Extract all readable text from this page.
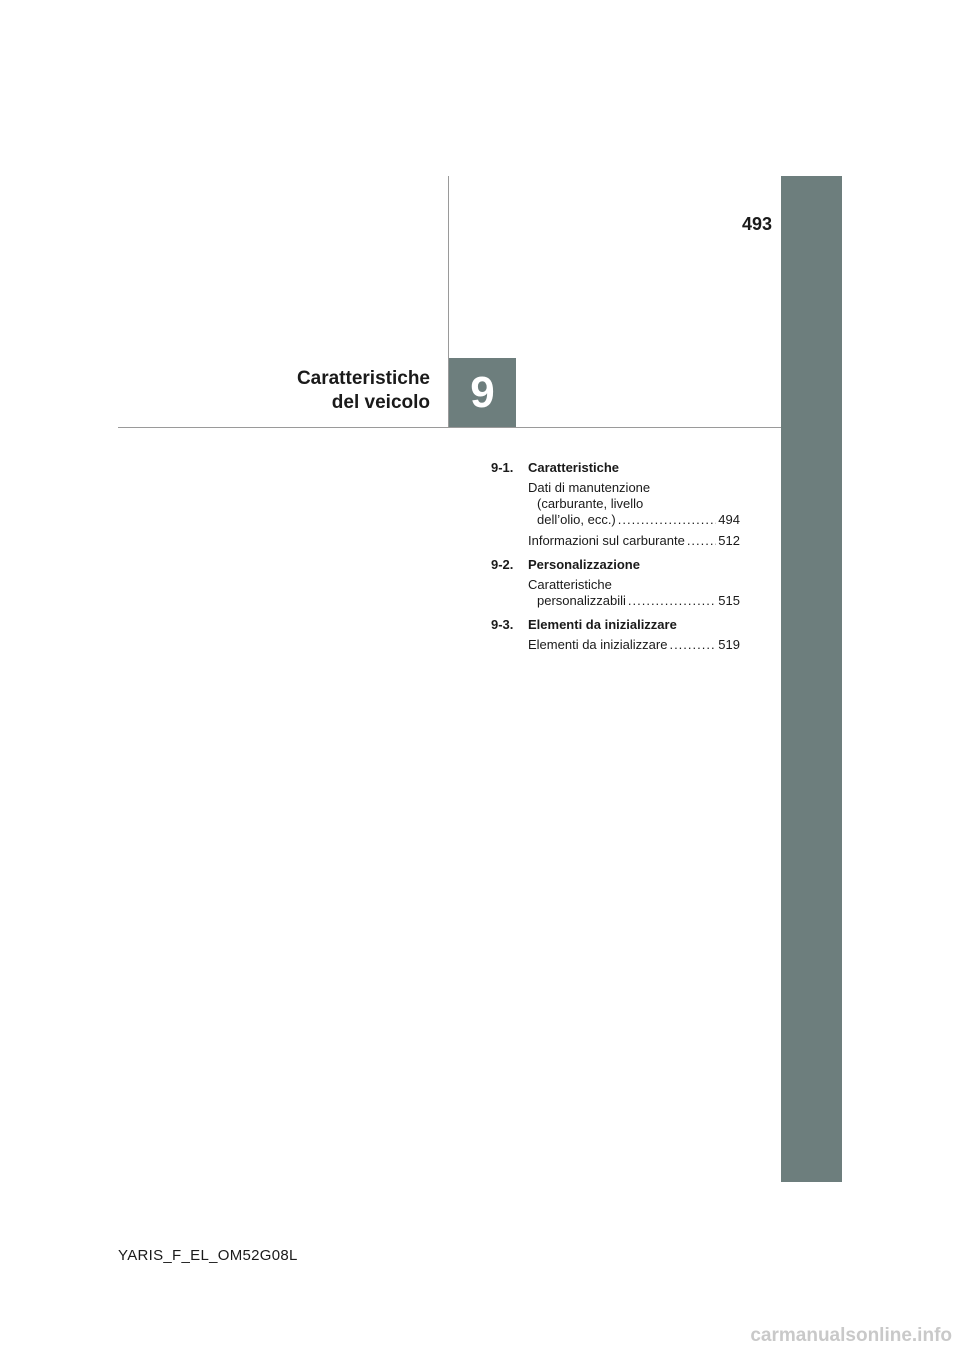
493
Caratteristiche
del veicolo 9
9-1.	Caratteristiche
Dati di manutenzione
(carburante, livello
dell’olio, ecc.) .....	494
Informazioni sul carburante .....	512
9-2.	Personalizzazione
Caratteristiche
personalizzabili .....	515
9-3.	Elementi da inizializzare
Elementi da inizializzare .....	519
YARIS_F_EL_OM52G08L
carmanualsonline.info
